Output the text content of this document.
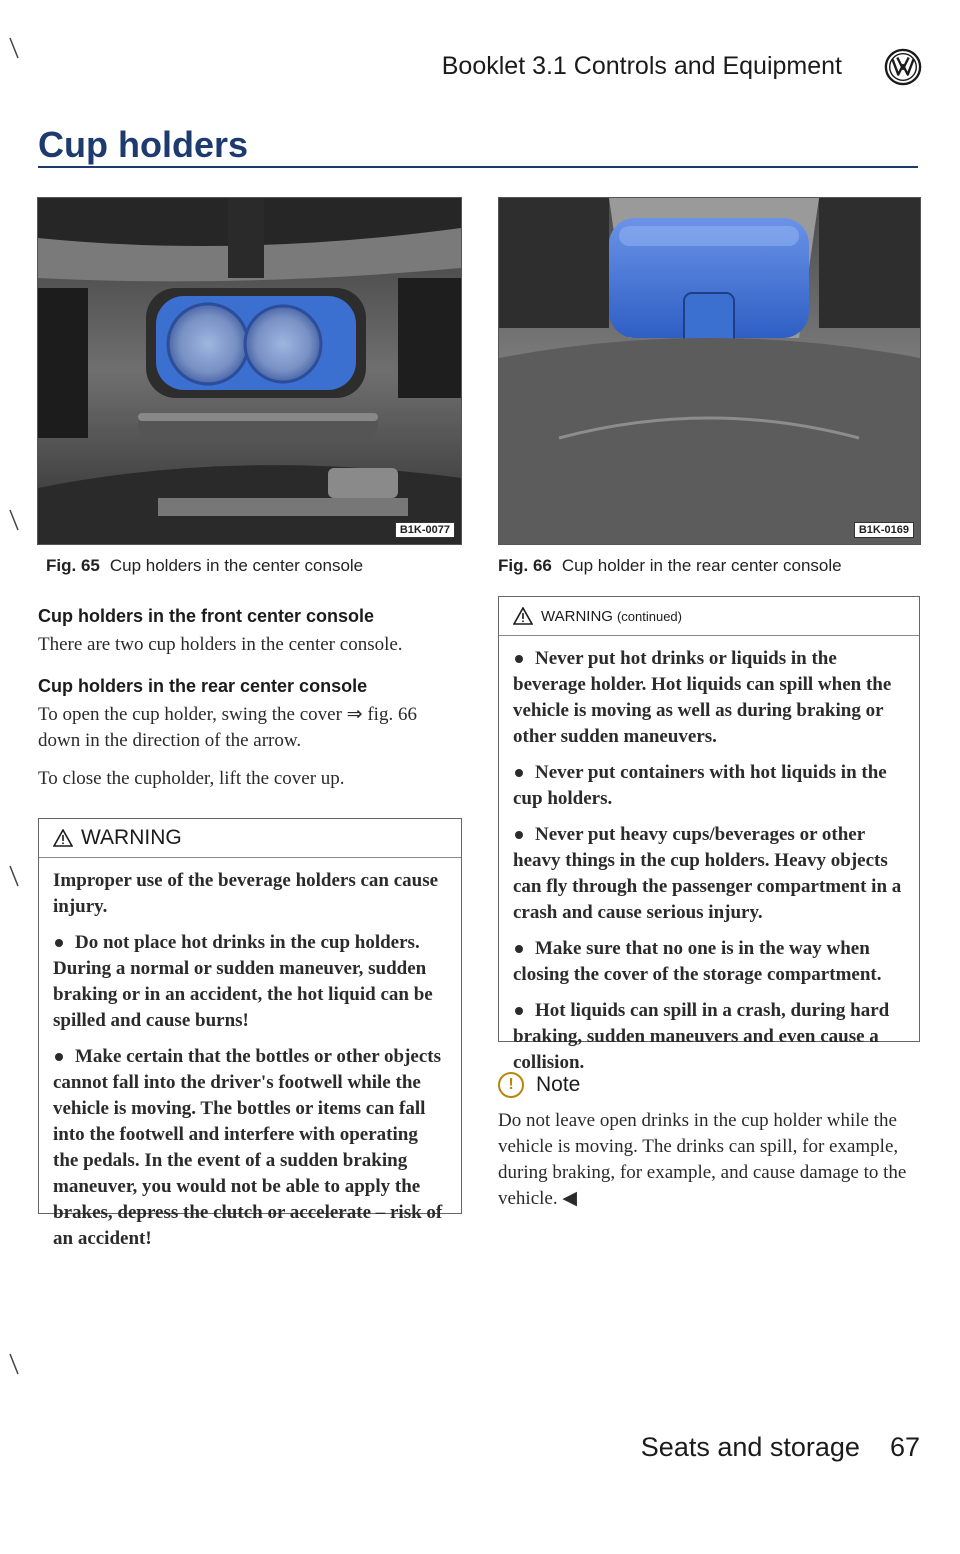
Booklet 3.1 Controls and Equipment
Cup holders
B1K-0077
Fig. 65 Cup holders in the center console
B1K-0169
Fig. 66 Cup holder in the rear center console
Cup holders in the front center console
There are two cup holders in the center console.
Cup holders in the rear center console
To open the cup holder, swing the cover ⇒ fig. 66 down in the direction of the arrow.
To close the cupholder, lift the cover up.
WARNING

Improper use of the beverage holders can cause injury.

Do not place hot drinks in the cup holders. During a normal or sudden maneuver, sudden braking or in an accident, the hot liquid can be spilled and cause burns!

Make certain that the bottles or other objects cannot fall into the driver's footwell while the vehicle is moving. The bottles or items can fall into the footwell and interfere with operating the pedals. In the event of a sudden braking maneuver, you would not be able to apply the brakes, depress the clutch or accelerate – risk of an accident!

WARNING (continued)

Never put hot drinks or liquids in the beverage holder. Hot liquids can spill when the vehicle is moving as well as during braking or other sudden maneuvers.

Never put containers with hot liquids in the cup holders.

Never put heavy cups/beverages or other heavy things in the cup holders. Heavy objects can fly through the passenger compartment in a crash and cause serious injury.

Make sure that no one is in the way when closing the cover of the storage compartment.

Hot liquids can spill in a crash, during hard braking, sudden maneuvers and even cause a collision.

!	Note
Do not leave open drinks in the cup holder while the vehicle is moving. The drinks can spill, for example, during braking, for example, and cause damage to the vehicle. ◀
Seats and storage 67
